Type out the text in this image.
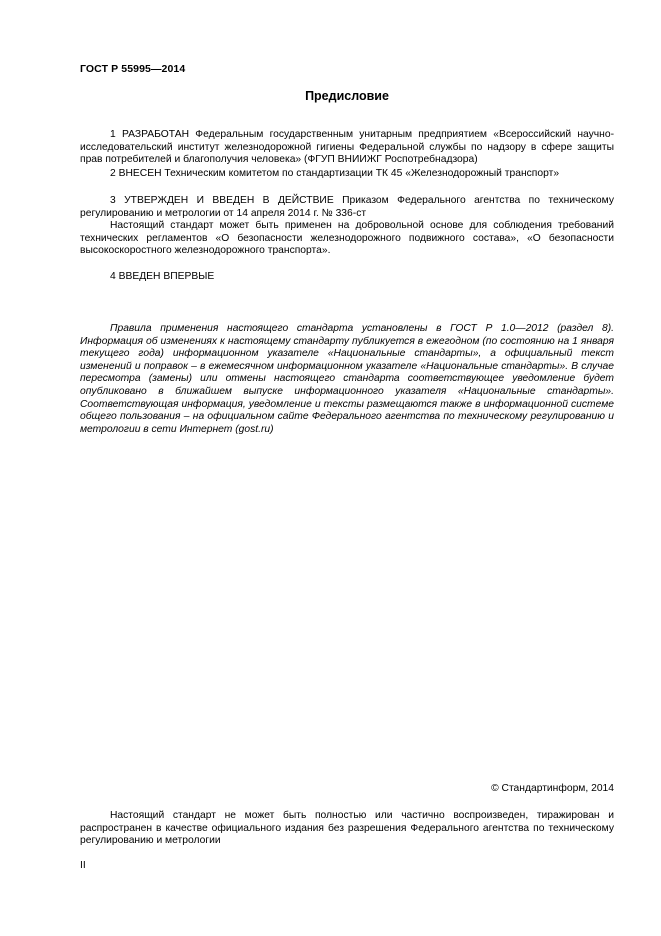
ГОСТ Р 55995—2014
Предисловие

1 РАЗРАБОТАН Федеральным государственным унитарным предприятием «Всероссийский научно-исследовательский институт железнодорожной гигиены Федеральной службы по надзору в сфере защиты прав потребителей и благополучия человека» (ФГУП ВНИИЖГ Роспотребнадзора)

2 ВНЕСЕН Техническим комитетом по стандартизации ТК 45 «Железнодорожный транспорт»

3 УТВЕРЖДЕН И ВВЕДЕН В ДЕЙСТВИЕ Приказом Федерального агентства по техническому регулированию и метрологии от 14 апреля 2014 г. № 336-ст

Настоящий стандарт может быть применен на добровольной основе для соблюдения требований технических регламентов «О безопасности железнодорожного подвижного состава», «О безопасности высокоскоростного железнодорожного транспорта».

4 ВВЕДЕН ВПЕРВЫЕ

Правила применения настоящего стандарта установлены в ГОСТ Р 1.0—2012 (раздел 8). Информация об изменениях к настоящему стандарту публикуется в ежегодном (по состоянию на 1 января текущего года) информационном указателе «Национальные стандарты», а официальный текст изменений и поправок – в ежемесячном информационном указателе «Национальные стандарты». В случае пересмотра (замены) или отмены настоящего стандарта соответствующее уведомление будет опубликовано в ближайшем выпуске информационного указателя «Национальные стандарты». Соответствующая информация, уведомление и тексты размещаются также в информационной системе общего пользования – на официальном сайте Федерального агентства по техническому регулированию и метрологии в сети Интернет (gost.ru)

© Стандартинформ, 2014

Настоящий стандарт не может быть полностью или частично воспроизведен, тиражирован и распространен в качестве официального издания без разрешения Федерального агентства по техническому регулированию и метрологии

II
